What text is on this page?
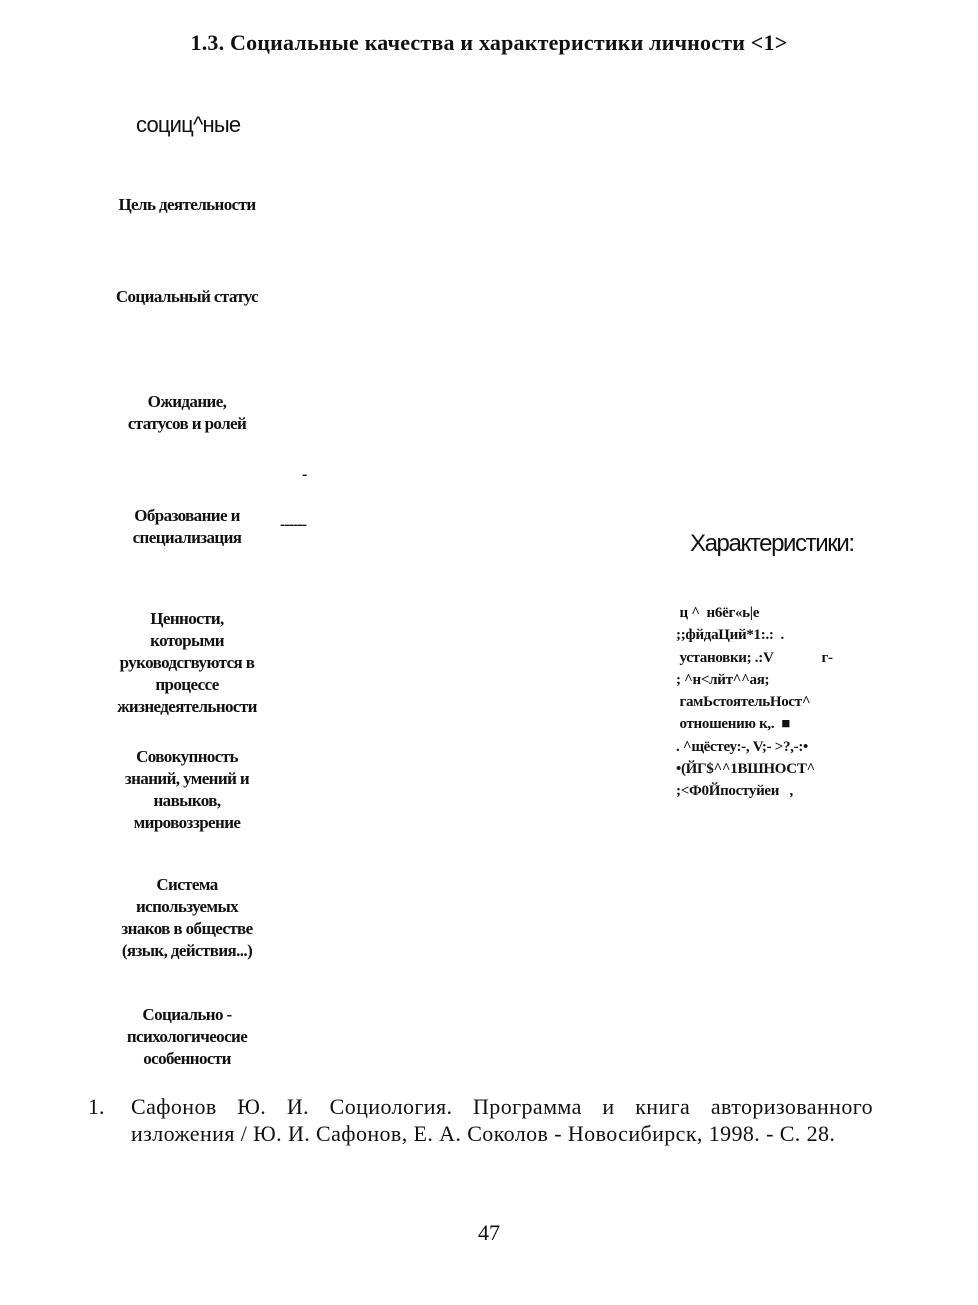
1.3. Социальные качества и характеристики личности <1>
социц^ные
Цель деятельности
Социальный статус
Ожидание,
статусов и ролей
Образование и
специализация
Ценности,
которыми
руководсгвуются в
процессе
жизнедеятельности
Совокупность
знаний, умений и
навыков,
мировоззрение
Система
используемых
знаков в обществе
(язык, действия...)
Социально -
психологичеосие
особенности
-
------
Характеристики:
ц ^  н6ёг«ь|е
;;фйдаЦий*1:.:  .
установки; .:V              г-
; ^н<лйт^^ая;
гамЬстоятельНост^
отношению к,.  ■
. ^щёстеу:-, V;- >?,-:•
•(ЙГ$^^1ВШНОСТ^
;<Ф0Йпостуйеи   ,
1. Сафонов Ю. И. Социология. Программа и книга авторизованного изложения / Ю. И. Сафонов, Е. А. Соколов - Новосибирск, 1998. - С. 28.
47
